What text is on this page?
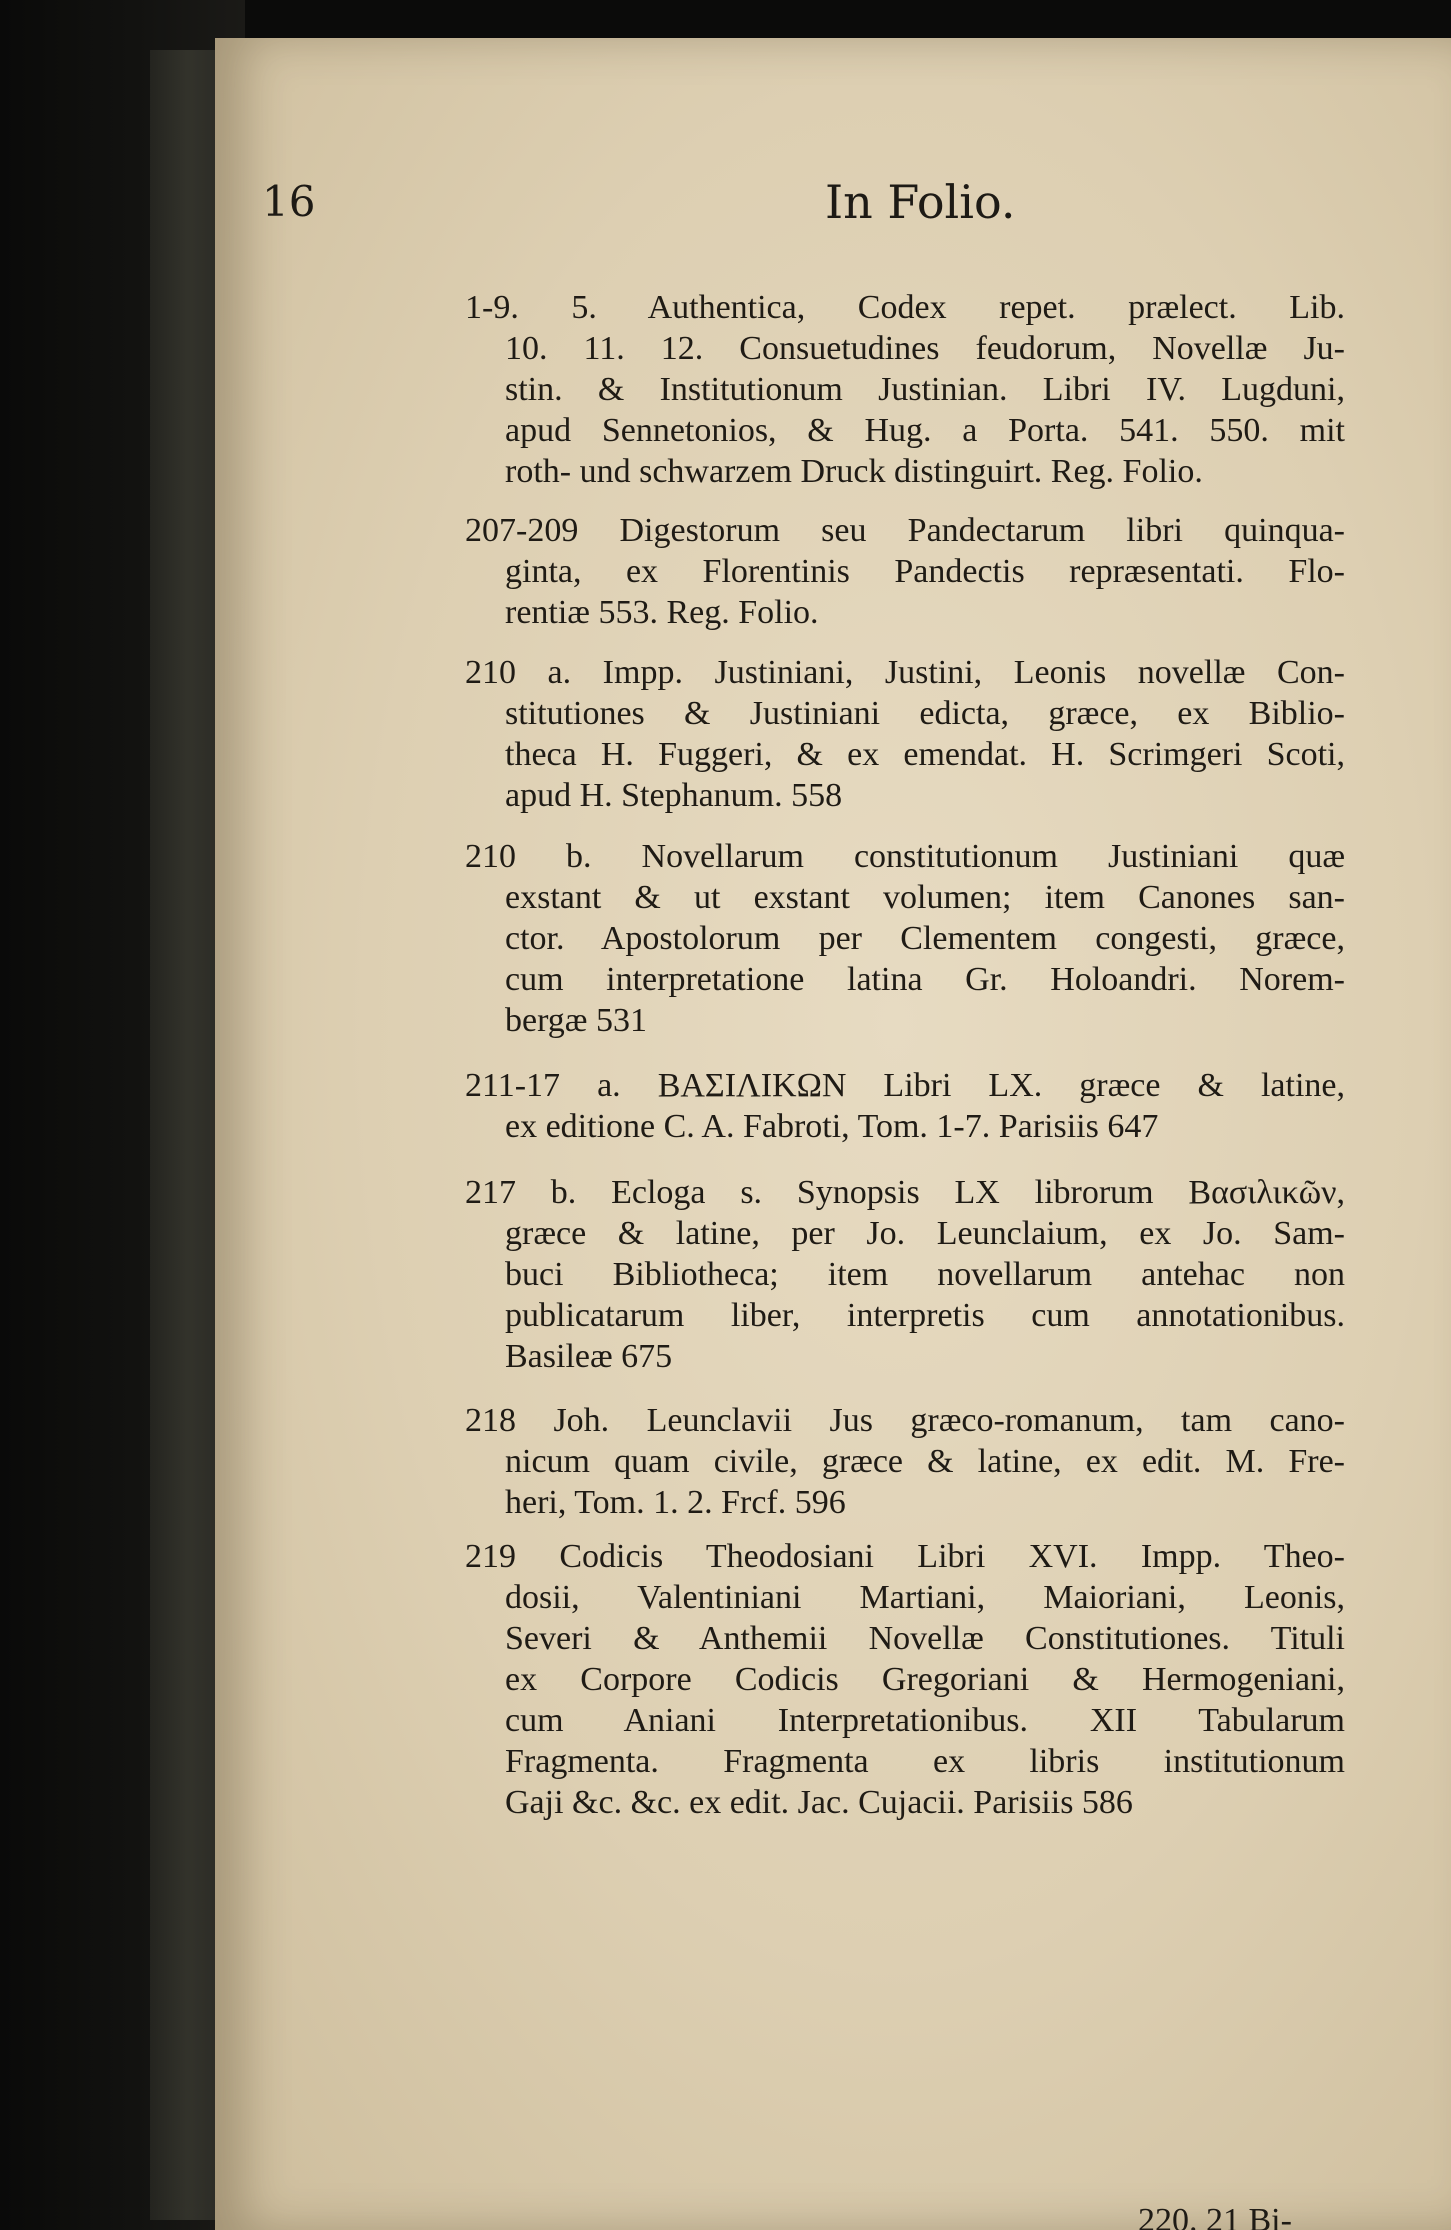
16	In Folio.
1-9. 5. Authentica, Codex repet. prælect. Lib.
10. 11. 12. Consuetudines feudorum, Novellæ Ju-
stin. & Institutionum Justinian. Libri IV. Lugduni,
apud Sennetonios, & Hug. a Porta. 541. 550. mit
roth- und schwarzem Druck distinguirt. Reg. Folio.
207-209 Digestorum seu Pandectarum libri quinqua-
ginta, ex Florentinis Pandectis repræsentati. Flo-
rentiæ 553. Reg. Folio.
210 a. Impp. Justiniani, Justini, Leonis novellæ Con-
stitutiones & Justiniani edicta, græce, ex Biblio-
theca H. Fuggeri, & ex emendat. H. Scrimgeri Scoti,
apud H. Stephanum. 558
210 b. Novellarum constitutionum Justiniani quæ
exstant & ut exstant volumen; item Canones san-
ctor. Apostolorum per Clementem congesti, græce,
cum interpretatione latina Gr. Holoandri. Norem-
bergæ 531
211-17 a. ΒΑΣΙΛΙΚΩΝ Libri LX. græce & latine,
ex editione C. A. Fabroti, Tom. 1-7. Parisiis 647
217 b. Ecloga s. Synopsis LX librorum Βασιλικῶν,
græce & latine, per Jo. Leunclaium, ex Jo. Sam-
buci Bibliotheca; item novellarum antehac non
publicatarum liber, interpretis cum annotationibus.
Basileæ 675
218 Joh. Leunclavii Jus græco-romanum, tam cano-
nicum quam civile, græce & latine, ex edit. M. Fre-
heri, Tom. 1. 2. Frcf. 596
219 Codicis Theodosiani Libri XVI. Impp. Theo-
dosii, Valentiniani Martiani, Maioriani, Leonis,
Severi & Anthemii Novellæ Constitutiones. Tituli
ex Corpore Codicis Gregoriani & Hermogeniani,
cum Aniani Interpretationibus. XII Tabularum
Fragmenta. Fragmenta ex libris institutionum
Gaji &c. &c. ex edit. Jac. Cujacii. Parisiis 586
220. 21 Bi-
